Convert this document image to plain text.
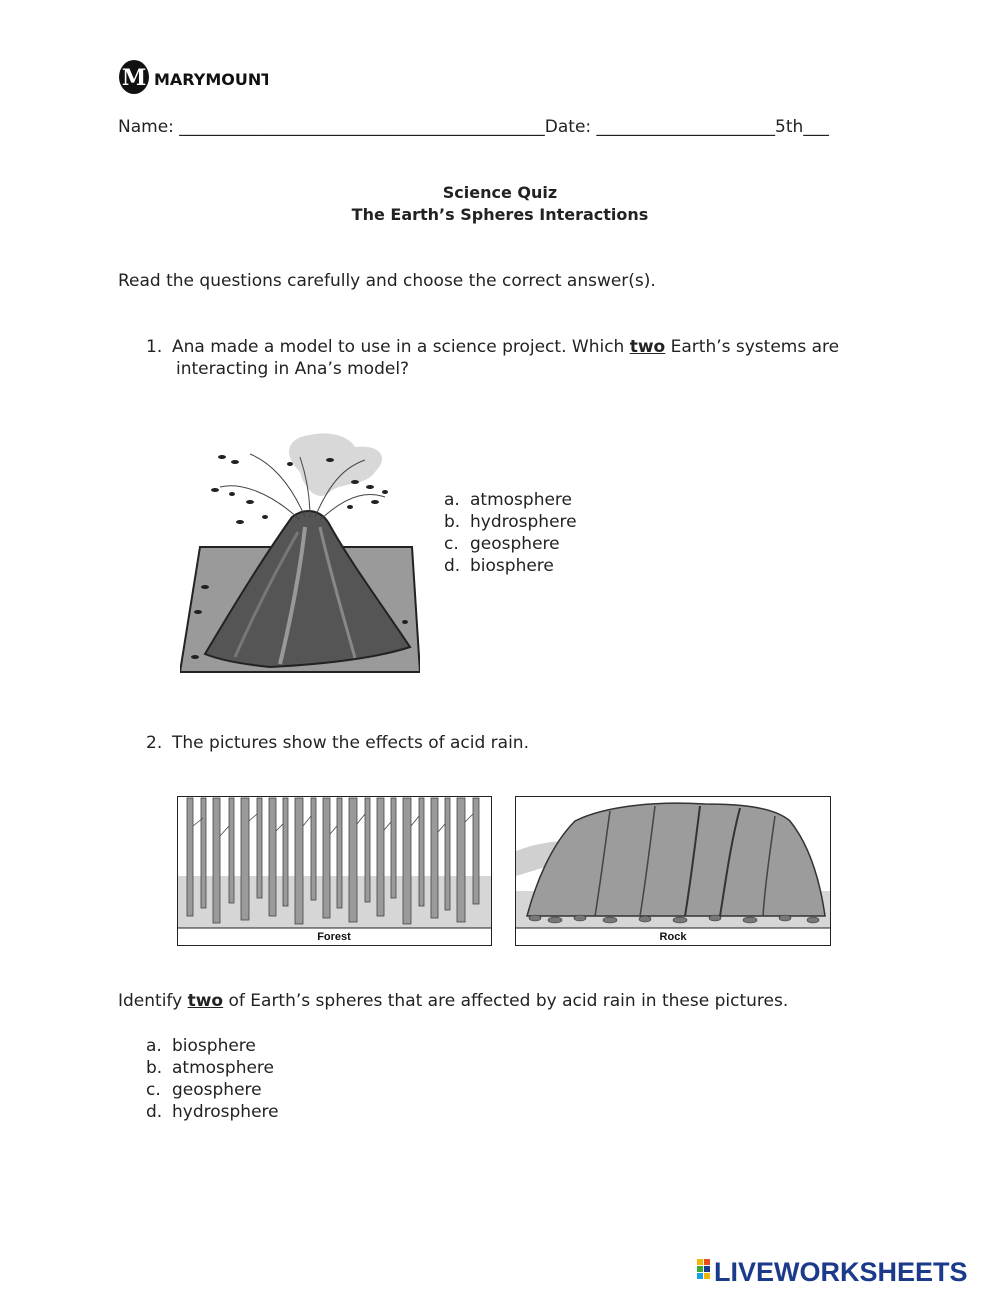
M MARYMOUNT
Name: ___________________________________________Date: _____________________5th___
Science Quiz
The Earth’s Spheres Interactions
Read the questions carefully and choose the correct answer(s).
1. Ana made a model to use in a science project. Which two Earth’s systems are
interacting in Ana’s model?
a. atmosphere
b. hydrosphere
c. geosphere
d. biosphere
2. The pictures show the effects of acid rain.
Forest	Rock
Identify two of Earth’s spheres that are affected by acid rain in these pictures.
a. biosphere
b. atmosphere
c. geosphere
d. hydrosphere
LIVEWORKSHEETS
